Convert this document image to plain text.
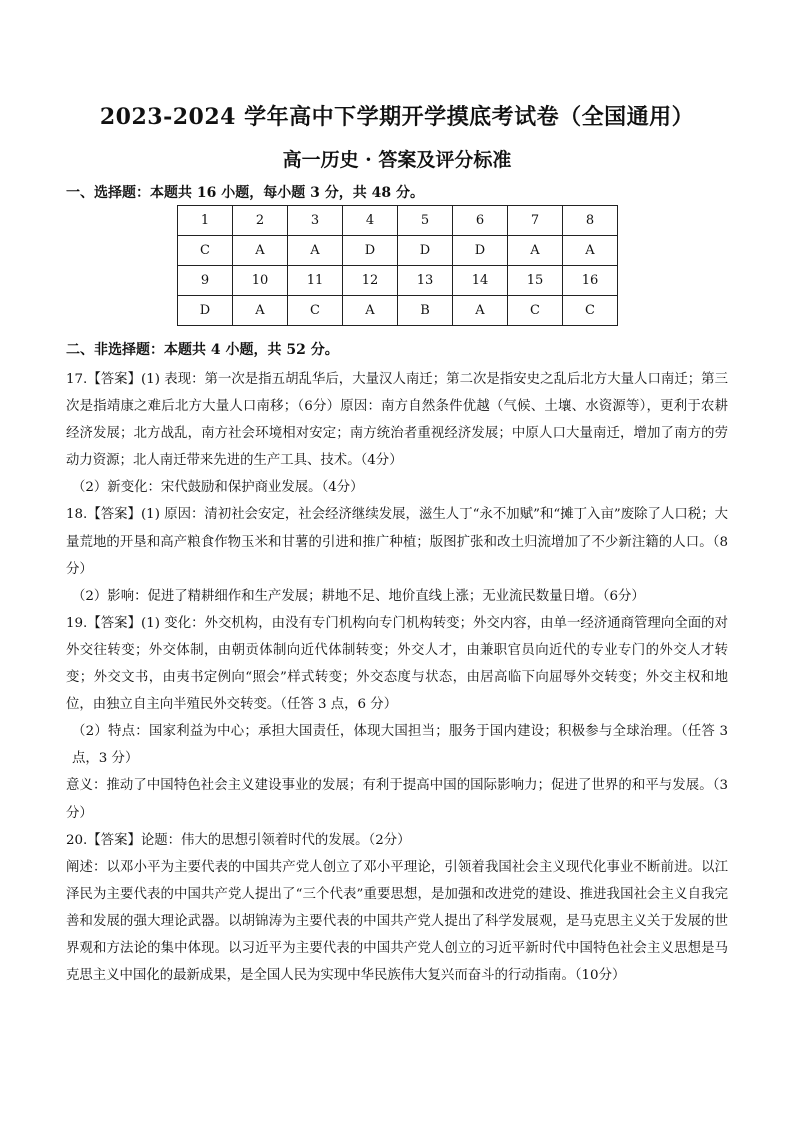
2023-2024 学年高中下学期开学摸底考试卷（全国通用）
高一历史 · 答案及评分标准
一、选择题：本题共 16 小题，每小题 3 分，共 48 分。
1	2	3	4	5	6	7	8
C	A	A	D	D	D	A	A
9	10	11	12	13	14	15	16
D	A	C	A	B	A	C	C
二、非选择题：本题共 4 小题，共 52 分。

17.【答案】(1) 表现：第一次是指五胡乱华后，大量汉人南迁；第二次是指安史之乱后北方大量人口南迁；第三次是指靖康之难后北方大量人口南移；（6分）原因：南方自然条件优越（气候、土壤、水资源等），更利于农耕经济发展；北方战乱，南方社会环境相对安定；南方统治者重视经济发展；中原人口大量南迁，增加了南方的劳动力资源；北人南迁带来先进的生产工具、技术。（4分）

（2）新变化：宋代鼓励和保护商业发展。（4分）

18.【答案】(1) 原因：清初社会安定，社会经济继续发展，滋生人丁“永不加赋”和“摊丁入亩”废除了人口税；大量荒地的开垦和高产粮食作物玉米和甘薯的引进和推广种植；版图扩张和改土归流增加了不少新注籍的人口。（8分）

（2）影响：促进了精耕细作和生产发展；耕地不足、地价直线上涨；无业流民数量日增。（6分）

19.【答案】(1) 变化：外交机构，由没有专门机构向专门机构转变；外交内容，由单一经济通商管理向全面的对外交往转变；外交体制，由朝贡体制向近代体制转变；外交人才，由兼职官员向近代的专业专门的外交人才转变；外交文书，由夷书定例向“照会”样式转变；外交态度与状态，由居高临下向屈辱外交转变；外交主权和地位，由独立自主向半殖民外交转变。（任答 3 点，6 分）

（2）特点：国家利益为中心；承担大国责任，体现大国担当；服务于国内建设；积极参与全球治理。（任答 3 点，3 分）

意义：推动了中国特色社会主义建设事业的发展；有利于提高中国的国际影响力；促进了世界的和平与发展。（3分）

20.【答案】论题：伟大的思想引领着时代的发展。（2分）

阐述：以邓小平为主要代表的中国共产党人创立了邓小平理论，引领着我国社会主义现代化事业不断前进。以江泽民为主要代表的中国共产党人提出了“三个代表”重要思想，是加强和改进党的建设、推进我国社会主义自我完善和发展的强大理论武器。以胡锦涛为主要代表的中国共产党人提出了科学发展观，是马克思主义关于发展的世界观和方法论的集中体现。以习近平为主要代表的中国共产党人创立的习近平新时代中国特色社会主义思想是马克思主义中国化的最新成果，是全国人民为实现中华民族伟大复兴而奋斗的行动指南。（10分）
